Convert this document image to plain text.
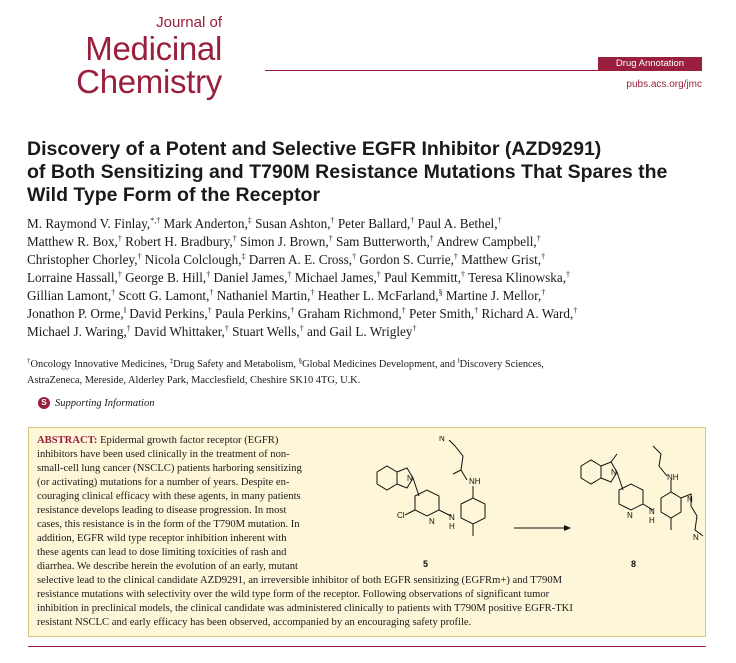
Journal of
Medicinal
Chemistry	Drug Annotation
pubs.acs.org/jmc
Discovery of a Potent and Selective EGFR Inhibitor (AZD9291)
of Both Sensitizing and T790M Resistance Mutations That Spares the
Wild Type Form of the Receptor
M. Raymond V. Finlay,*,† Mark Anderton,‡ Susan Ashton,† Peter Ballard,† Paul A. Bethel,†
Matthew R. Box,† Robert H. Bradbury,† Simon J. Brown,† Sam Butterworth,† Andrew Campbell,†
Christopher Chorley,† Nicola Colclough,‡ Darren A. E. Cross,† Gordon S. Currie,† Matthew Grist,†
Lorraine Hassall,† George B. Hill,† Daniel James,† Michael James,† Paul Kemmitt,† Teresa Klinowska,†
Gillian Lamont,† Scott G. Lamont,† Nathaniel Martin,† Heather L. McFarland,§ Martine J. Mellor,†
Jonathon P. Orme,‖ David Perkins,† Paula Perkins,† Graham Richmond,† Peter Smith,† Richard A. Ward,†
Michael J. Waring,† David Whittaker,† Stuart Wells,† and Gail L. Wrigley†
†Oncology Innovative Medicines, ‡Drug Safety and Metabolism, §Global Medicines Development, and ‖Discovery Sciences,
AstraZeneca, Mereside, Alderley Park, Macclesfield, Cheshire SK10 4TG, U.K.
S Supporting Information
ABSTRACT: Epidermal growth factor receptor (EGFR)
inhibitors have been used clinically in the treatment of non-
small-cell lung cancer (NSCLC) patients harboring sensitizing
(or activating) mutations for a number of years. Despite en-
couraging clinical efficacy with these agents, in many patients
resistance develops leading to disease progression. In most
cases, this resistance is in the form of the T790M mutation. In
addition, EGFR wild type receptor inhibition inherent with
these agents can lead to dose limiting toxicities of rash and
diarrhea. We describe herein the evolution of an early, mutant
selective lead to the clinical candidate AZD9291, an irreversible inhibitor of both EGFR sensitizing (EGFRm+) and T790M
resistance mutations with selectivity over the wild type form of the receptor. Following observations of significant tumor
inhibition in preclinical models, the clinical candidate was administered clinically to patients with T790M positive EGFR-TKI
resistant NSCLC and early efficacy has been observed, accompanied by an encouraging safety profile.
N
Cl
N N
H
NH
N
5
N
N N
H
NH
N
N
8
